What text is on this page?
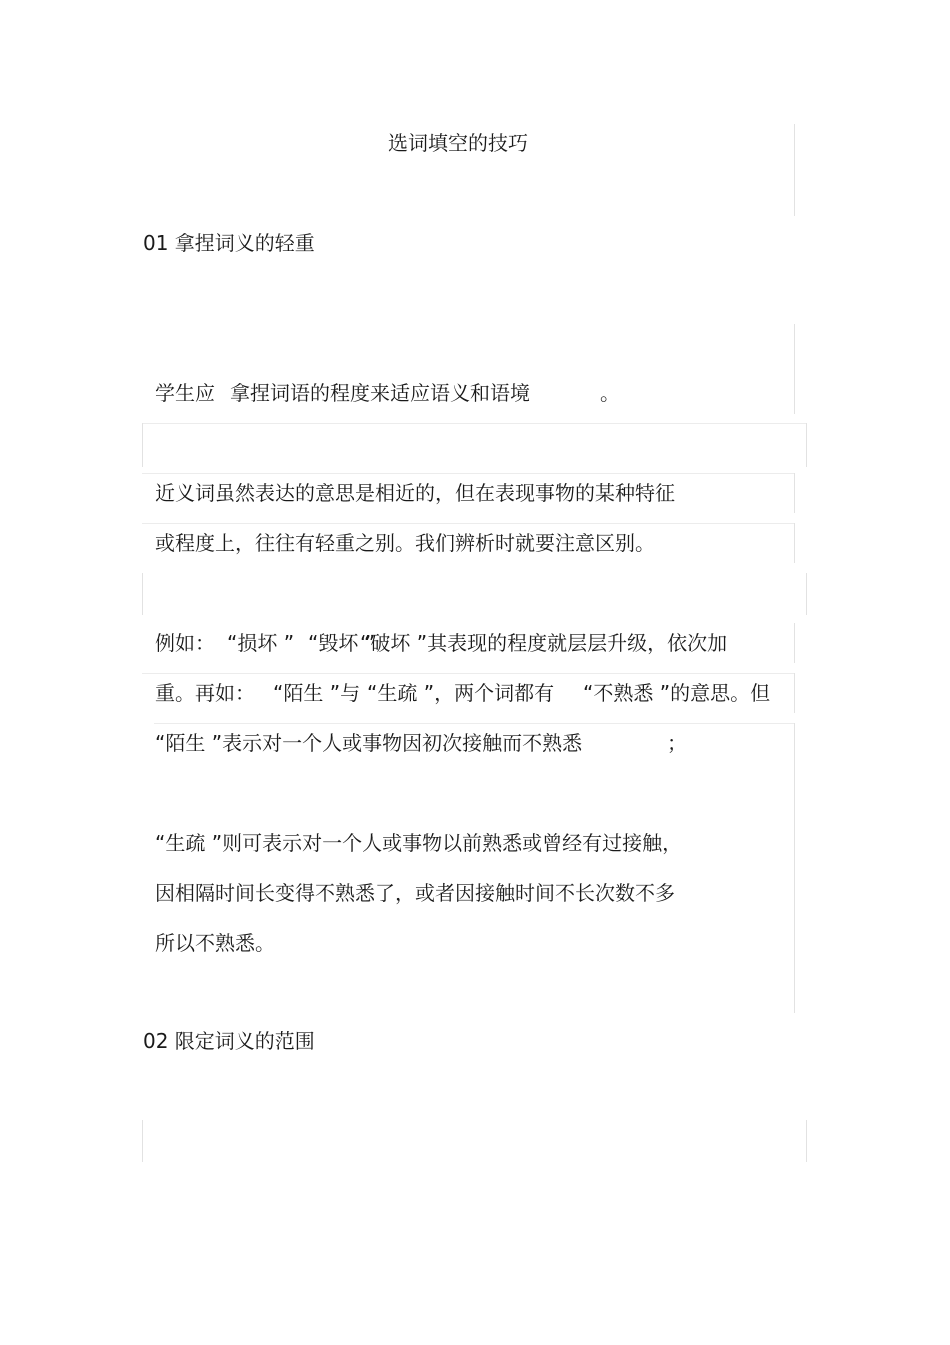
选词填空的技巧
01 拿捏词义的轻重
学生应 拿捏词语的程度来适应语义和语境	。
近义词虽然表达的意思是相近的，但在表现事物的某种特征
或程度上，往往有轻重之别。我们辨析时就要注意区别。
例如： “损坏 ” “毁坏 ”
“破坏 ”其表现的程度就层层升级，依次加
重。再如： “陌生 ”与 “生疏 ”，两个词都有 “不熟悉 ”的意思。但
“陌生 ”表示对一个人或事物因初次接触而不熟悉	；
“生疏 ”则可表示对一个人或事物以前熟悉或曾经有过接触，
因相隔时间长变得不熟悉了，或者因接触时间不长次数不多
所以不熟悉。
02 限定词义的范围
